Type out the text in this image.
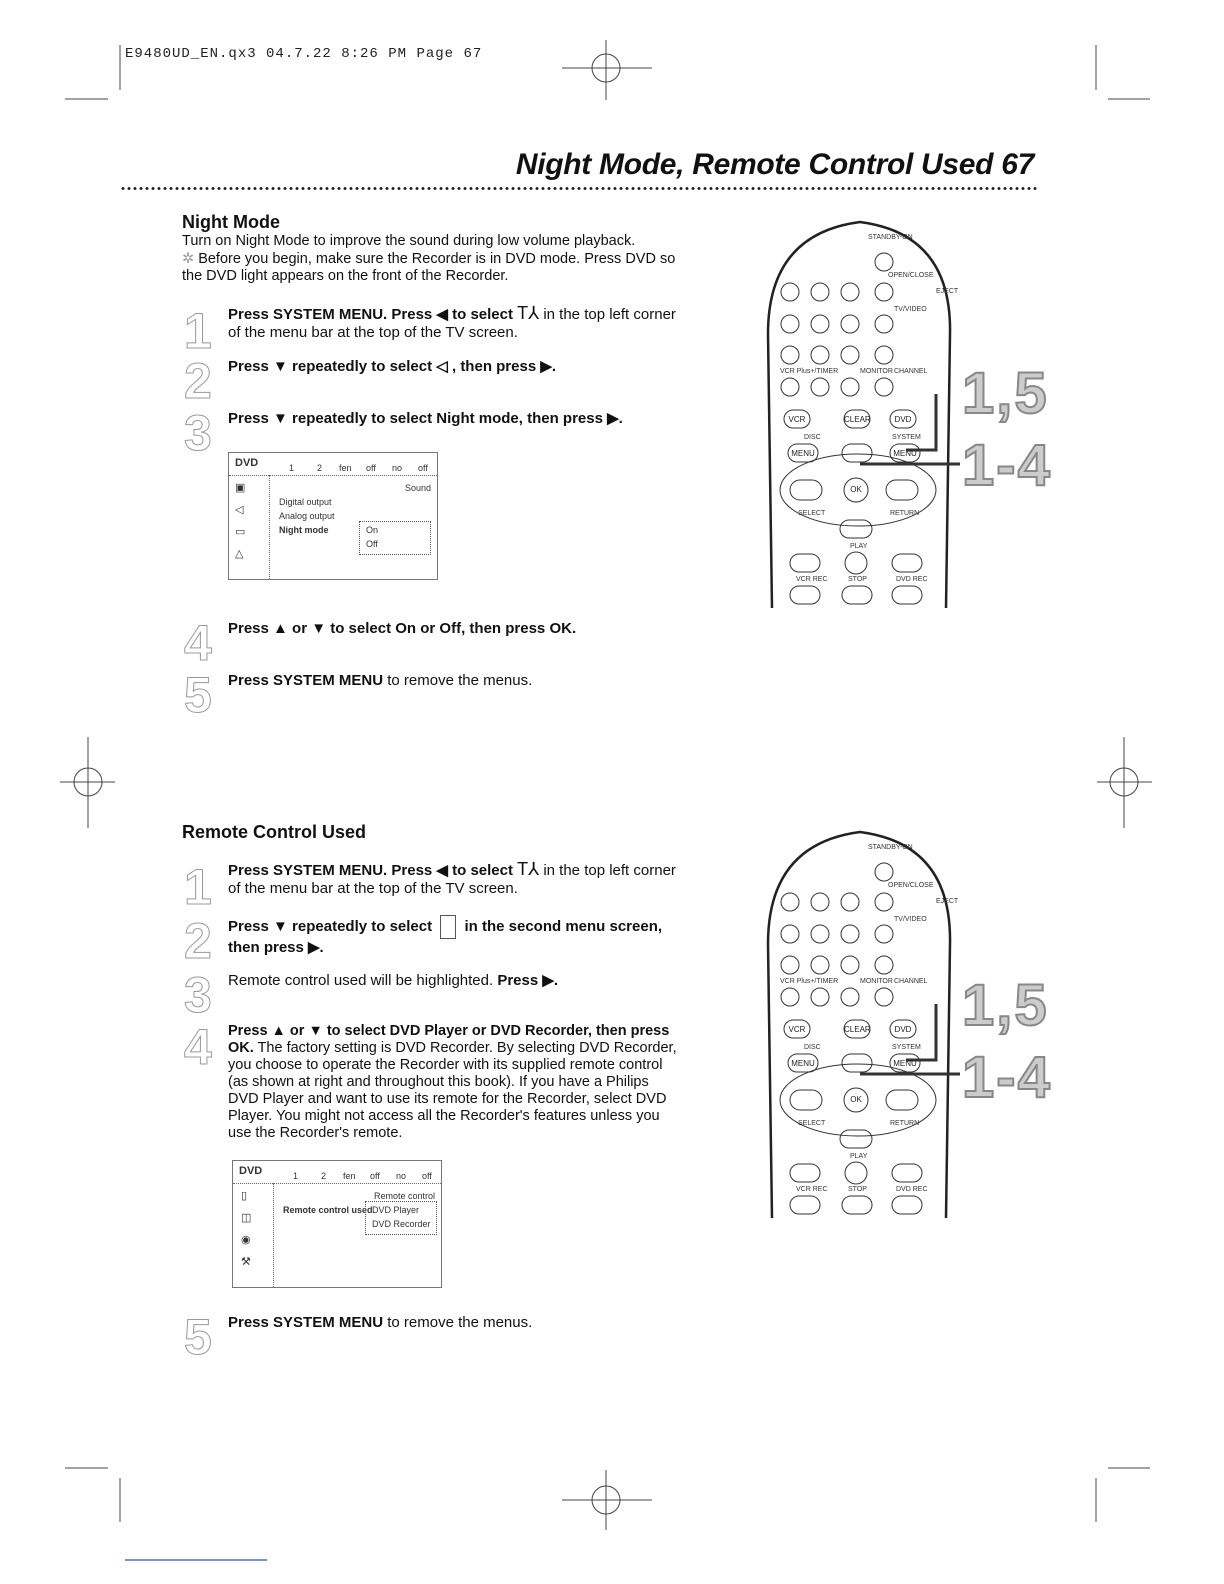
E9480UD_EN.qx3 04.7.22 8:26 PM Page 67
Night Mode, Remote Control Used 67
Night Mode
Turn on Night Mode to improve the sound during low volume playback.
✲ Before you begin, make sure the Recorder is in DVD mode. Press DVD so the DVD light appears on the front of the Recorder.
1
2
3
4
5
Press SYSTEM MENU. Press ◀ to select T⅄ in the top left corner of the menu bar at the top of the TV screen.
Press ▼ repeatedly to select ◁ , then press ▶.
Press ▼ repeatedly to select Night mode, then press ▶.
Press ▲ or ▼ to select On or Off, then press OK.
Press SYSTEM MENU to remove the menus.
DVD	1	2 fen off no off
▣
◁
▭
△
Sound
Digital output
Analog output
Night mode	On
Off
Remote Control Used
1
2
3
4
5
Press SYSTEM MENU. Press ◀ to select T⅄ in the top left corner of the menu bar at the top of the TV screen.
Press ▼ repeatedly to select in the second menu screen,
then press ▶.
Remote control used will be highlighted. Press ▶.
Press ▲ or ▼ to select DVD Player or DVD Recorder, then press OK. The factory setting is DVD Recorder. By selecting DVD Recorder, you choose to operate the Recorder with its supplied remote control (as shown at right and throughout this book). If you have a Philips DVD Player and want to use its remote for the Recorder, select DVD Player. You might not access all the Recorder's features unless you use the Recorder's remote.
Press SYSTEM MENU to remove the menus.
DVD	1	2 fen off no off
▯
◫
◉
⚒
Remote control
Remote control used DVD Player
DVD Recorder
STANDBY-ON
OPEN/CLOSE
EJECT
TV/VIDEO
VCR Plus+/TIMER	MONITOR CHANNEL
VCR	CLEAR	DVD
DISC	SYSTEM
MENU	MENU
OK
SELECT	RETURN
PLAY
VCR REC	STOP	DVD REC
1,5
1-4
STANDBY-ON
OPEN/CLOSE
EJECT
TV/VIDEO
VCR Plus+/TIMER	MONITOR CHANNEL
VCR	CLEAR	DVD
DISC	SYSTEM
MENU	MENU
OK
SELECT	RETURN
PLAY
VCR REC	STOP	DVD REC
1,5
1-4
